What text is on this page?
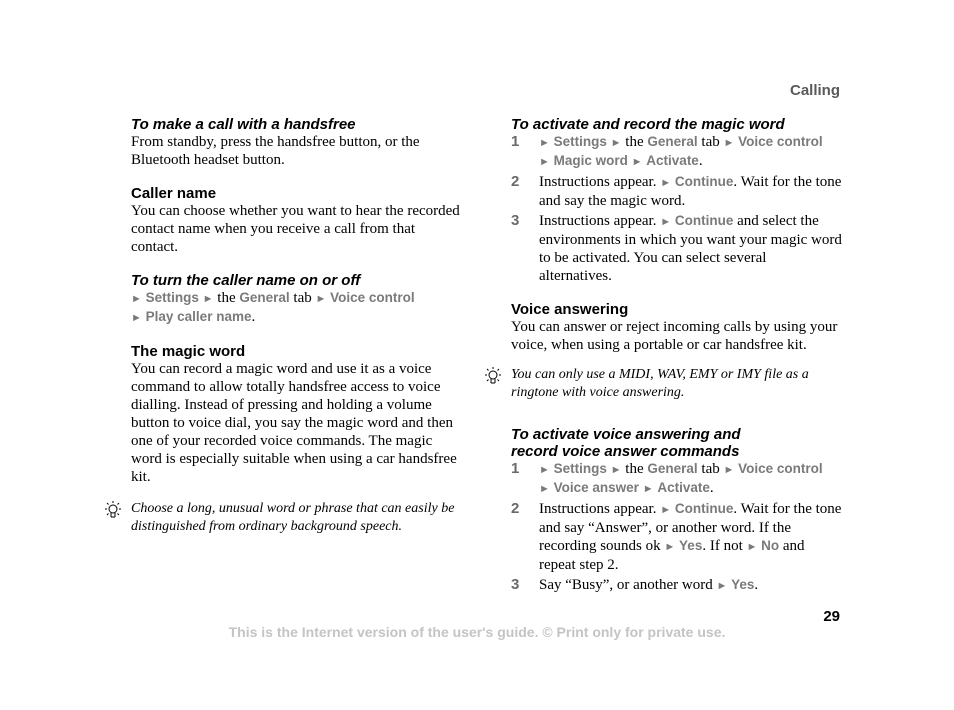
Calling
To make a call with a handsfree

From standby, press the handsfree button, or the Bluetooth headset button.

Caller name

You can choose whether you want to hear the recorded contact name when you receive a call from that contact.

To turn the caller name on or off

► Settings ► the General tab ► Voice control
► Play caller name.

The magic word

You can record a magic word and use it as a voice command to allow totally handsfree access to voice dialling. Instead of pressing and holding a volume button to voice dial, you say the magic word and then one of your recorded voice commands. The magic word is especially suitable when using a car handsfree kit.

Choose a long, unusual word or phrase that can easily be distinguished from ordinary background speech.
To activate and record the magic word
1 ► Settings ► the General tab ► Voice control
► Magic word ► Activate.
2 Instructions appear. ► Continue. Wait for the tone and say the magic word.
3 Instructions appear. ► Continue and select the environments in which you want your magic word to be activated. You can select several alternatives.
Voice answering

You can answer or reject incoming calls by using your voice, when using a portable or car handsfree kit.

You can only use a MIDI, WAV, EMY or IMY file as a ringtone with voice answering.
To activate voice answering and
record voice answer commands
1 ► Settings ► the General tab ► Voice control
► Voice answer ► Activate.
2 Instructions appear. ► Continue. Wait for the tone and say “Answer”, or another word. If the recording sounds ok ► Yes. If not ► No and repeat step 2.
3 Say “Busy”, or another word ► Yes.
29
This is the Internet version of the user's guide. © Print only for private use.
